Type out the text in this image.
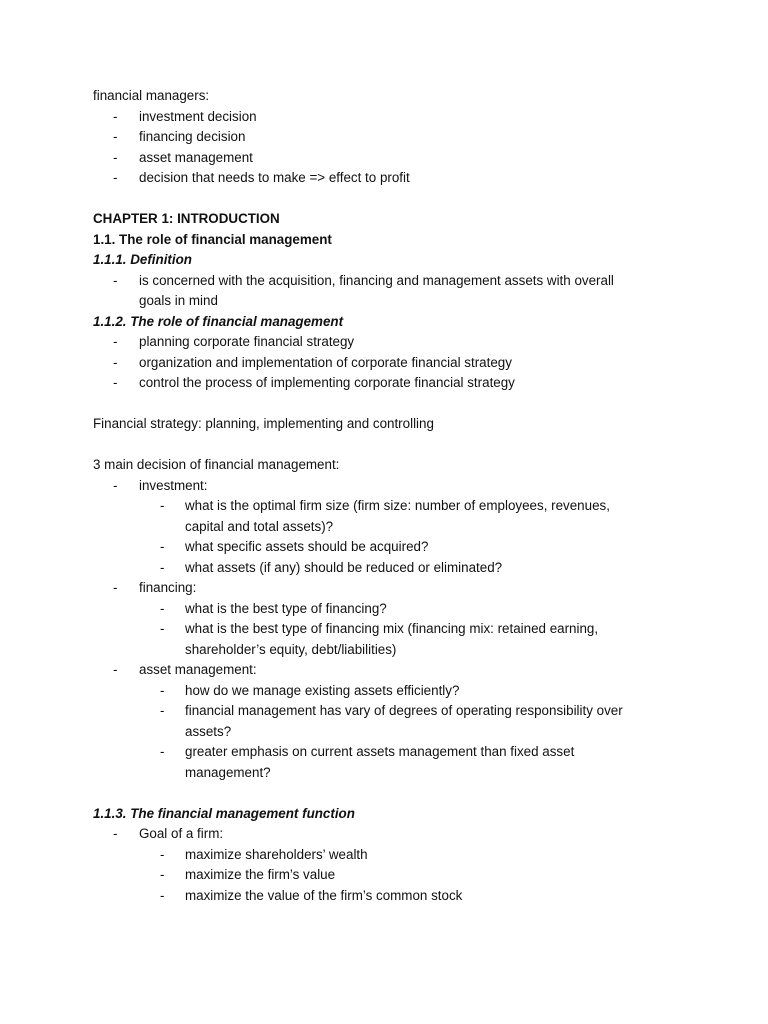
financial managers:
- investment decision
- financing decision
- asset management
- decision that needs to make => effect to profit
CHAPTER 1: INTRODUCTION
1.1. The role of financial management
1.1.1. Definition
- is concerned with the acquisition, financing and management assets with overall
goals in mind
1.1.2. The role of financial management
- planning corporate financial strategy
- organization and implementation of corporate financial strategy
- control the process of implementing corporate financial strategy
Financial strategy: planning, implementing and controlling
3 main decision of financial management:
- investment:
- what is the optimal firm size (firm size: number of employees, revenues,
capital and total assets)?
- what specific assets should be acquired?
- what assets (if any) should be reduced or eliminated?
- financing:
- what is the best type of financing?
- what is the best type of financing mix (financing mix: retained earning,
shareholder’s equity, debt/liabilities)
- asset management:
- how do we manage existing assets efficiently?
- financial management has vary of degrees of operating responsibility over
assets?
- greater emphasis on current assets management than fixed asset
management?
1.1.3. The financial management function
- Goal of a firm:
- maximize shareholders’ wealth
- maximize the firm’s value
- maximize the value of the firm’s common stock
